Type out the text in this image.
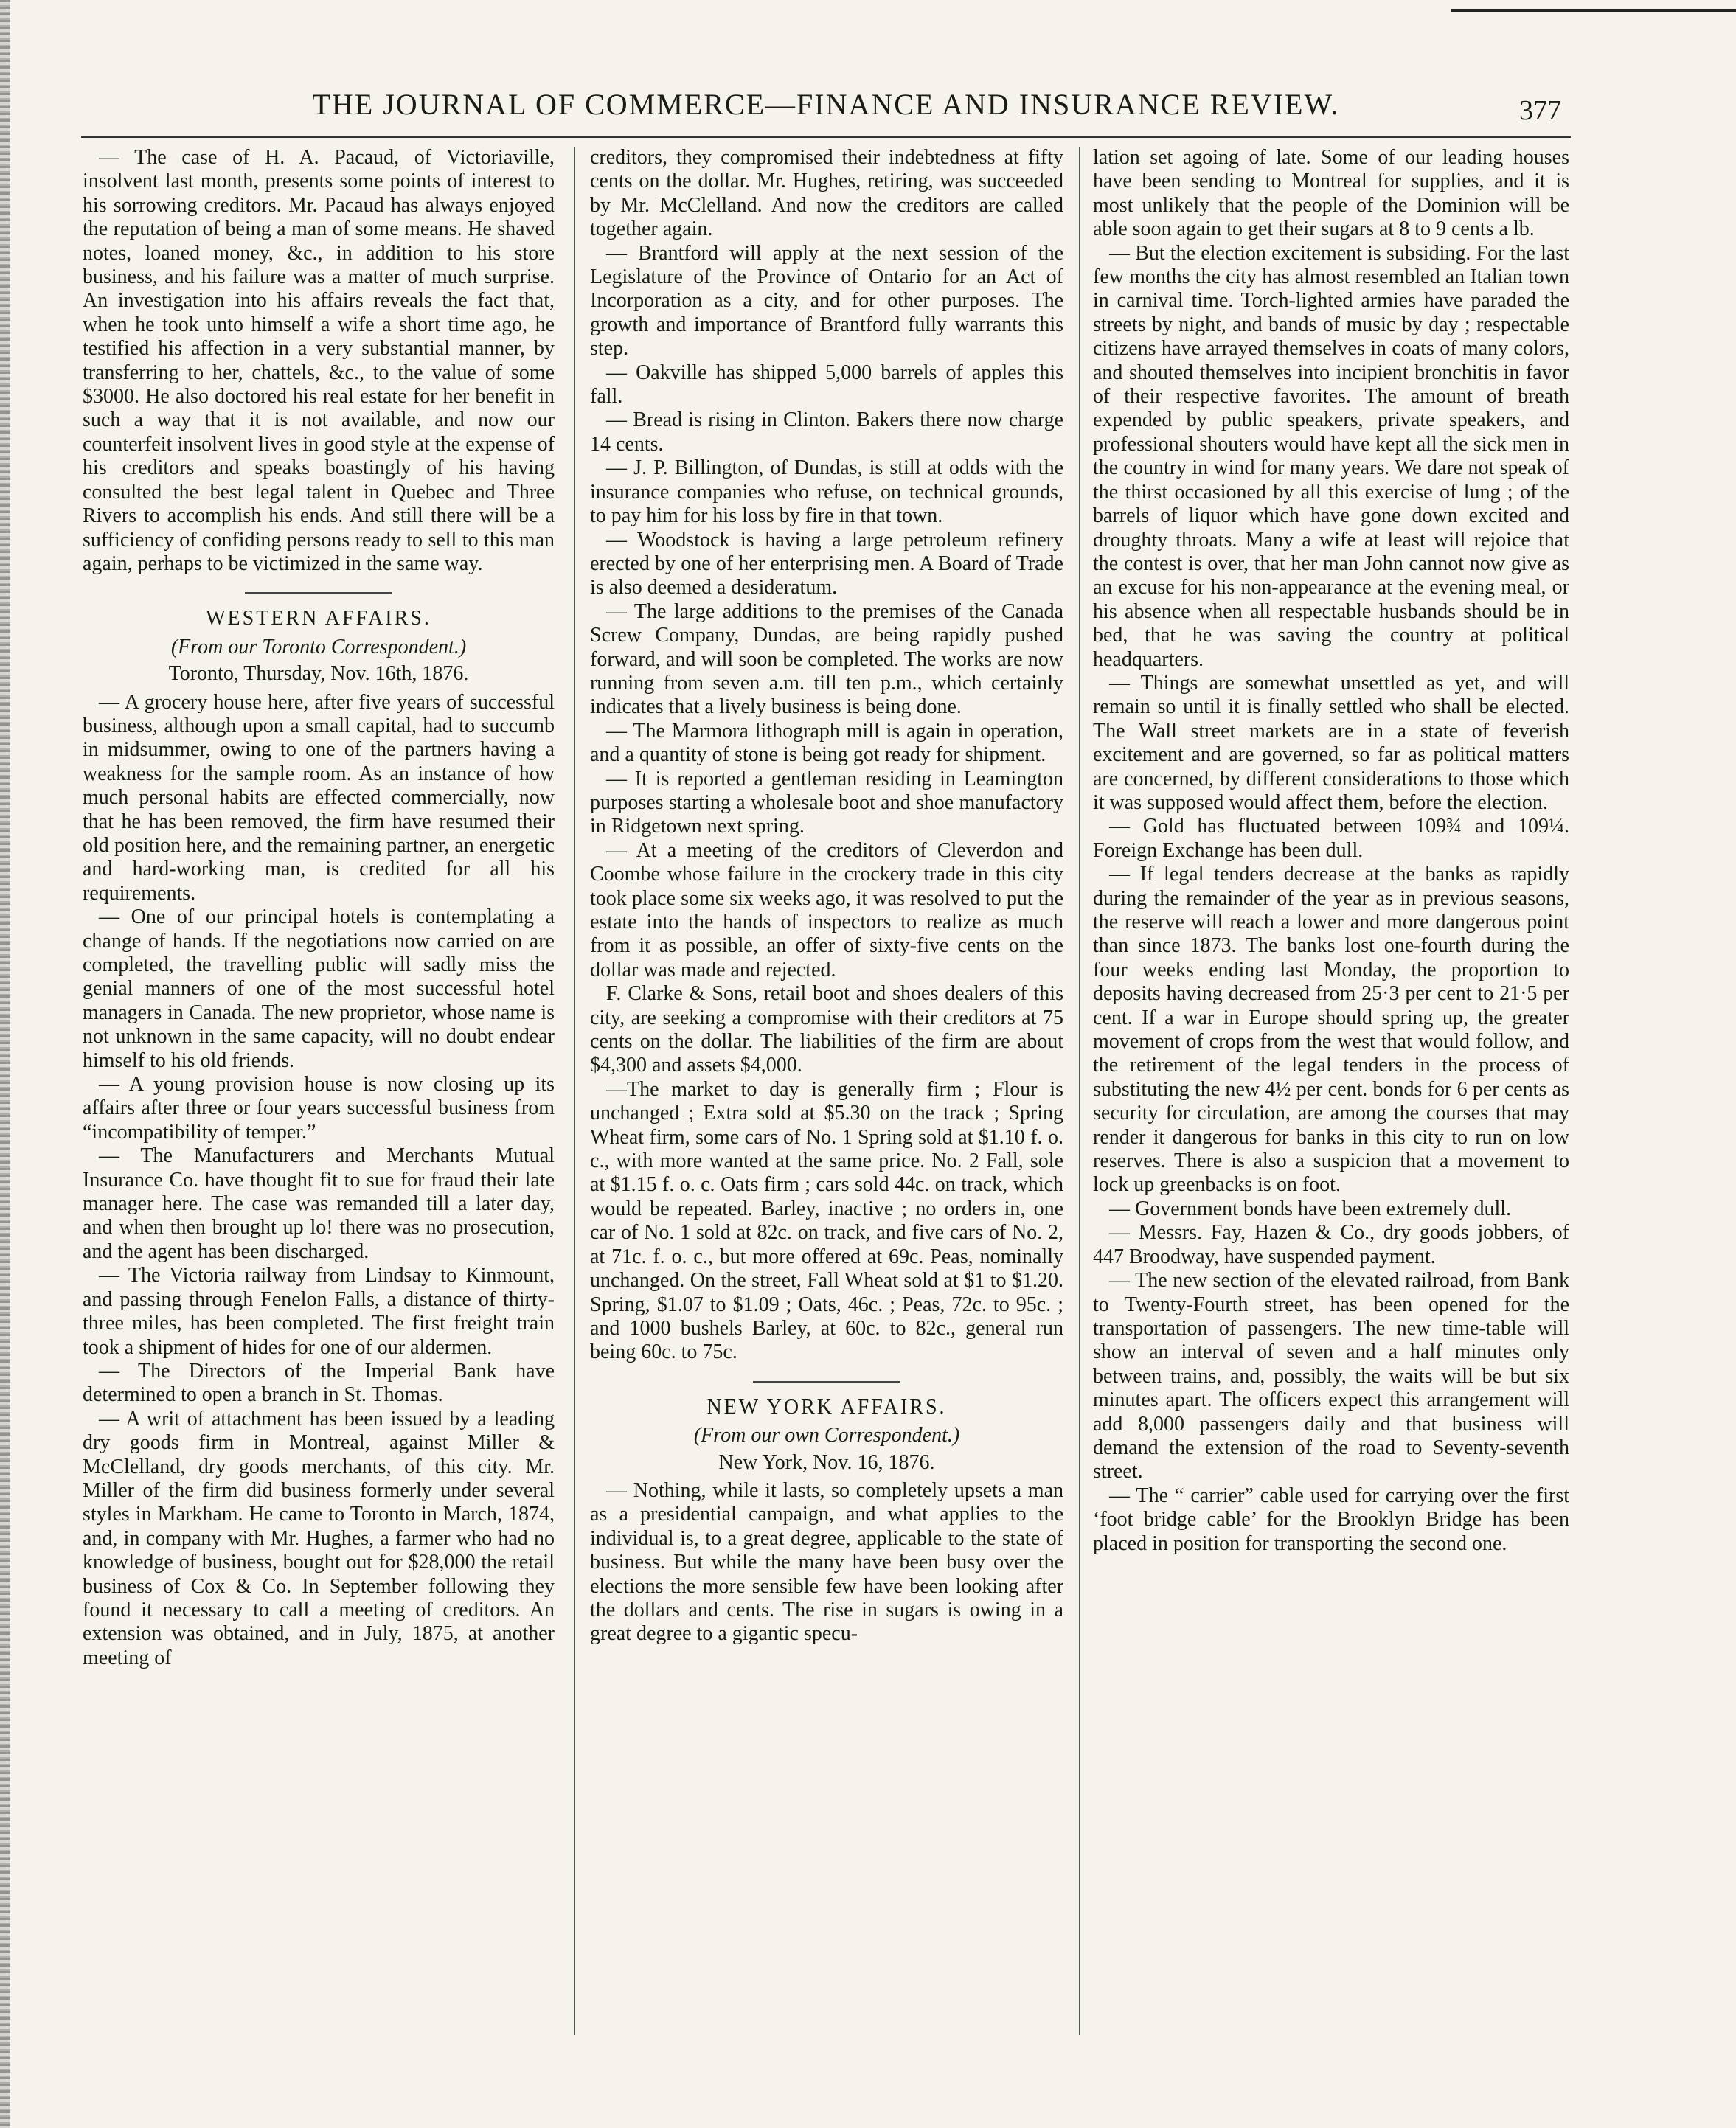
THE JOURNAL OF COMMERCE—FINANCE AND INSURANCE REVIEW.	377

— The case of H. A. Pacaud, of Victoriaville, insolvent last month, presents some points of interest to his sorrowing creditors. Mr. Pacaud has always enjoyed the reputation of being a man of some means. He shaved notes, loaned money, &c., in addition to his store business, and his failure was a matter of much surprise. An investigation into his affairs reveals the fact that, when he took unto himself a wife a short time ago, he testified his affection in a very substantial manner, by transferring to her, chattels, &c., to the value of some $3000. He also doctored his real estate for her benefit in such a way that it is not available, and now our counterfeit insolvent lives in good style at the expense of his creditors and speaks boastingly of his having consulted the best legal talent in Quebec and Three Rivers to accomplish his ends. And still there will be a sufficiency of confiding persons ready to sell to this man again, perhaps to be victimized in the same way.

WESTERN AFFAIRS.
(From our Toronto Correspondent.)
Toronto, Thursday, Nov. 16th, 1876.

— A grocery house here, after five years of successful business, although upon a small capital, had to succumb in midsummer, owing to one of the partners having a weakness for the sample room. As an instance of how much personal habits are effected commercially, now that he has been removed, the firm have resumed their old position here, and the remaining partner, an energetic and hard-working man, is credited for all his requirements.

— One of our principal hotels is contemplating a change of hands. If the negotiations now carried on are completed, the travelling public will sadly miss the genial manners of one of the most successful hotel managers in Canada. The new proprietor, whose name is not unknown in the same capacity, will no doubt endear himself to his old friends.

— A young provision house is now closing up its affairs after three or four years successful business from “incompatibility of temper.”

— The Manufacturers and Merchants Mutual Insurance Co. have thought fit to sue for fraud their late manager here. The case was remanded till a later day, and when then brought up lo! there was no prosecution, and the agent has been discharged.

— The Victoria railway from Lindsay to Kinmount, and passing through Fenelon Falls, a distance of thirty-three miles, has been completed. The first freight train took a shipment of hides for one of our aldermen.

— The Directors of the Imperial Bank have determined to open a branch in St. Thomas.

— A writ of attachment has been issued by a leading dry goods firm in Montreal, against Miller & McClelland, dry goods merchants, of this city. Mr. Miller of the firm did business formerly under several styles in Markham. He came to Toronto in March, 1874, and, in company with Mr. Hughes, a farmer who had no knowledge of business, bought out for $28,000 the retail business of Cox & Co. In September following they found it necessary to call a meeting of creditors. An extension was obtained, and in July, 1875, at another meeting of

creditors, they compromised their indebtedness at fifty cents on the dollar. Mr. Hughes, retiring, was succeeded by Mr. McClelland. And now the creditors are called together again.

— Brantford will apply at the next session of the Legislature of the Province of Ontario for an Act of Incorporation as a city, and for other purposes. The growth and importance of Brantford fully warrants this step.

— Oakville has shipped 5,000 barrels of apples this fall.

— Bread is rising in Clinton. Bakers there now charge 14 cents.

— J. P. Billington, of Dundas, is still at odds with the insurance companies who refuse, on technical grounds, to pay him for his loss by fire in that town.

— Woodstock is having a large petroleum refinery erected by one of her enterprising men. A Board of Trade is also deemed a desideratum.

— The large additions to the premises of the Canada Screw Company, Dundas, are being rapidly pushed forward, and will soon be completed. The works are now running from seven a.m. till ten p.m., which certainly indicates that a lively business is being done.

— The Marmora lithograph mill is again in operation, and a quantity of stone is being got ready for shipment.

— It is reported a gentleman residing in Leamington purposes starting a wholesale boot and shoe manufactory in Ridgetown next spring.

— At a meeting of the creditors of Cleverdon and Coombe whose failure in the crockery trade in this city took place some six weeks ago, it was resolved to put the estate into the hands of inspectors to realize as much from it as possible, an offer of sixty-five cents on the dollar was made and rejected.

F. Clarke & Sons, retail boot and shoes dealers of this city, are seeking a compromise with their creditors at 75 cents on the dollar. The liabilities of the firm are about $4,300 and assets $4,000.

—The market to day is generally firm ; Flour is unchanged ; Extra sold at $5.30 on the track ; Spring Wheat firm, some cars of No. 1 Spring sold at $1.10 f. o. c., with more wanted at the same price. No. 2 Fall, sole at $1.15 f. o. c. Oats firm ; cars sold 44c. on track, which would be repeated. Barley, inactive ; no orders in, one car of No. 1 sold at 82c. on track, and five cars of No. 2, at 71c. f. o. c., but more offered at 69c. Peas, nominally unchanged. On the street, Fall Wheat sold at $1 to $1.20. Spring, $1.07 to $1.09 ; Oats, 46c. ; Peas, 72c. to 95c. ; and 1000 bushels Barley, at 60c. to 82c., general run being 60c. to 75c.

NEW YORK AFFAIRS.
(From our own Correspondent.)
New York, Nov. 16, 1876.

— Nothing, while it lasts, so completely upsets a man as a presidential campaign, and what applies to the individual is, to a great degree, applicable to the state of business. But while the many have been busy over the elections the more sensible few have been looking after the dollars and cents. The rise in sugars is owing in a great degree to a gigantic specu-

lation set agoing of late. Some of our leading houses have been sending to Montreal for supplies, and it is most unlikely that the people of the Dominion will be able soon again to get their sugars at 8 to 9 cents a lb.

— But the election excitement is subsiding. For the last few months the city has almost resembled an Italian town in carnival time. Torch-lighted armies have paraded the streets by night, and bands of music by day ; respectable citizens have arrayed themselves in coats of many colors, and shouted themselves into incipient bronchitis in favor of their respective favorites. The amount of breath expended by public speakers, private speakers, and professional shouters would have kept all the sick men in the country in wind for many years. We dare not speak of the thirst occasioned by all this exercise of lung ; of the barrels of liquor which have gone down excited and droughty throats. Many a wife at least will rejoice that the contest is over, that her man John cannot now give as an excuse for his non-appearance at the evening meal, or his absence when all respectable husbands should be in bed, that he was saving the country at political headquarters.

— Things are somewhat unsettled as yet, and will remain so until it is finally settled who shall be elected. The Wall street markets are in a state of feverish excitement and are governed, so far as political matters are concerned, by different considerations to those which it was supposed would affect them, before the election.

— Gold has fluctuated between 109¾ and 109¼. Foreign Exchange has been dull.

— If legal tenders decrease at the banks as rapidly during the remainder of the year as in previous seasons, the reserve will reach a lower and more dangerous point than since 1873. The banks lost one-fourth during the four weeks ending last Monday, the proportion to deposits having decreased from 25·3 per cent to 21·5 per cent. If a war in Europe should spring up, the greater movement of crops from the west that would follow, and the retirement of the legal tenders in the process of substituting the new 4½ per cent. bonds for 6 per cents as security for circulation, are among the courses that may render it dangerous for banks in this city to run on low reserves. There is also a suspicion that a movement to lock up greenbacks is on foot.

— Government bonds have been extremely dull.

— Messrs. Fay, Hazen & Co., dry goods jobbers, of 447 Broodway, have suspended payment.

— The new section of the elevated railroad, from Bank to Twenty-Fourth street, has been opened for the transportation of passengers. The new time-table will show an interval of seven and a half minutes only between trains, and, possibly, the waits will be but six minutes apart. The officers expect this arrangement will add 8,000 passengers daily and that business will demand the extension of the road to Seventy-seventh street.

— The “ carrier” cable used for carrying over the first ‘foot bridge cable’ for the Brooklyn Bridge has been placed in position for transporting the second one.
